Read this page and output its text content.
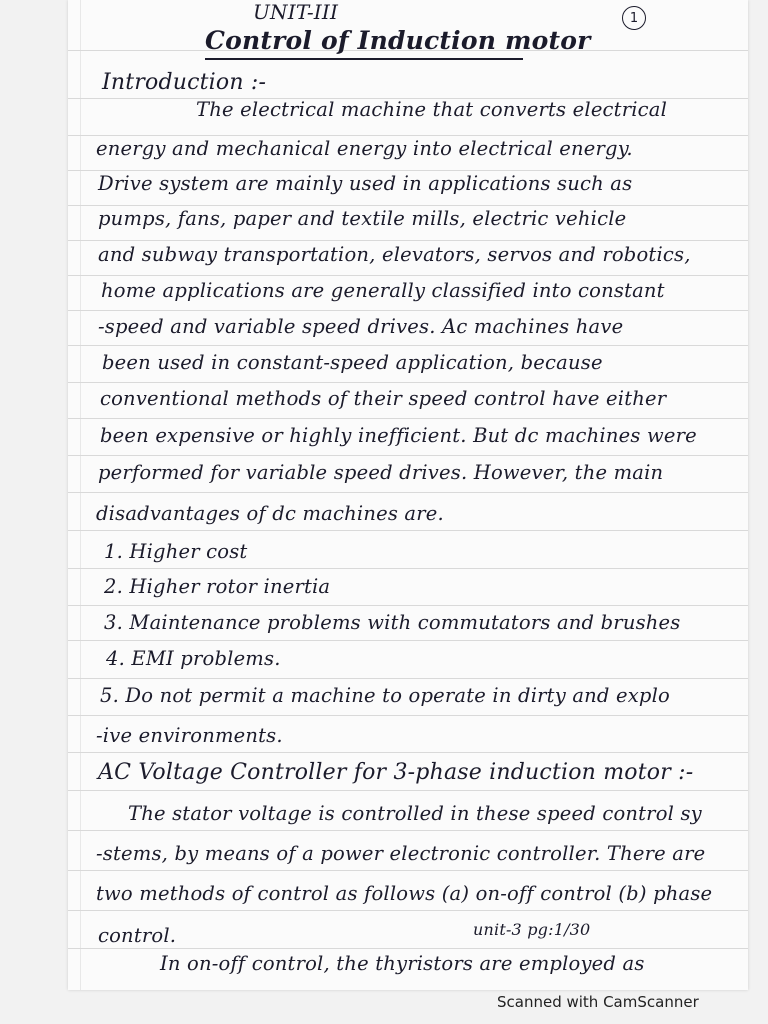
UNIT-III	1
Control of Induction motor
Introduction :-
The electrical machine that converts electrical
energy and mechanical energy into electrical energy.
Drive system are mainly used in applications such as
pumps, fans, paper and textile mills, electric vehicle
and subway transportation, elevators, servos and robotics,
home applications are generally classified into constant
-speed and variable speed drives. Ac machines have
been used in constant-speed application, because
conventional methods of their speed control have either
been expensive or highly inefficient. But dc machines were
performed for variable speed drives. However, the main
disadvantages of dc machines are.
1. Higher cost
2. Higher rotor inertia
3. Maintenance problems with commutators and brushes
4. EMI problems.
5. Do not permit a machine to operate in dirty and explo
-ive environments.
AC Voltage Controller for 3-phase induction motor :-
The stator voltage is controlled in these speed control sy
-stems, by means of a power electronic controller. There are
two methods of control as follows (a) on-off control (b) phase
control.	unit-3 pg:1/30
In on-off control, the thyristors are employed as
Scanned with CamScanner
